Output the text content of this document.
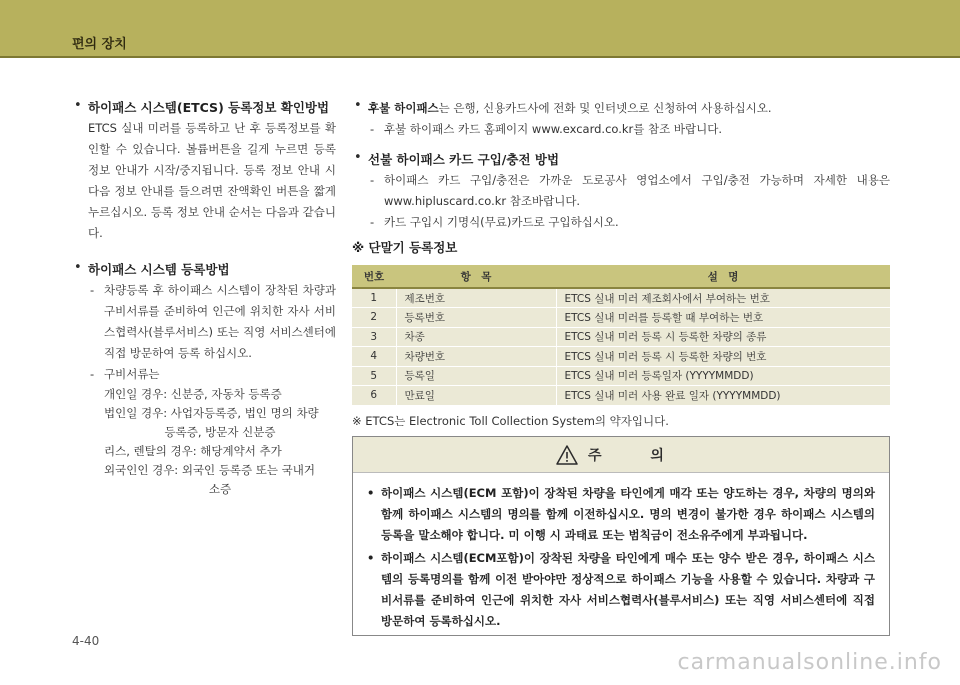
편의 장치
• 하이패스 시스템(ETCS) 등록정보 확인방법
ETCS 실내 미러를 등록하고 난 후 등록정보를 확인할 수 있습니다. 볼륨버튼을 길게 누르면 등록 정보 안내가 시작/중지됩니다. 등록 정보 안내 시 다음 정보 안내를 들으려면 잔액확인 버튼을 짧게 누르십시오. 등록 정보 안내 순서는 다음과 같습니다.
• 하이패스 시스템 등록방법
- 차량등록 후 하이패스 시스템이 장착된 차량과 구비서류를 준비하여 인근에 위치한 자사 서비스협력사(블루서비스) 또는 직영 서비스센터에 직접 방문하여 등록 하십시오.
- 구비서류는
개인일 경우: 신분증, 자동차 등록증
법인일 경우: 사업자등록증, 법인 명의 차량
등록증, 방문자 신분증
리스, 렌탈의 경우: 해당계약서 추가
외국인인 경우: 외국인 등록증 또는 국내거
소증
• 후불 하이패스는 은행, 신용카드사에 전화 및 인터넷으로 신청하여 사용하십시오.
- 후불 하이패스 카드 홈페이지 www.excard.co.kr를 참조 바랍니다.
• 선불 하이패스 카드 구입/충전 방법
- 하이패스 카드 구입/충전은 가까운 도로공사 영업소에서 구입/충전 가능하며 자세한 내용은 www.hipluscard.co.kr 참조바랍니다.
- 카드 구입시 기명식(무료)카드로 구입하십시오.
※ 단말기 등록정보
번호	항　목	설　명
1	제조번호	ETCS 실내 미러 제조회사에서 부여하는 번호
2	등록번호	ETCS 실내 미러를 등록할 때 부여하는 번호
3	차종	ETCS 실내 미러 등록 시 등록한 차량의 종류
4	차량번호	ETCS 실내 미러 등록 시 등록한 차량의 번호
5	등록일	ETCS 실내 미러 등록일자 (YYYYMMDD)
6	만료일	ETCS 실내 미러 사용 완료 일자 (YYYYMMDD)
※ ETCS는 Electronic Toll Collection System의 약자입니다.
주 의
• 하이패스 시스템(ECM 포함)이 장착된 차량을 타인에게 매각 또는 양도하는 경우, 차량의 명의와 함께 하이패스 시스템의 명의를 함께 이전하십시오. 명의 변경이 불가한 경우 하이패스 시스템의 등록을 말소해야 합니다. 미 이행 시 과태료 또는 범칙금이 전소유주에게 부과됩니다.
• 하이패스 시스템(ECM포함)이 장착된 차량을 타인에게 매수 또는 양수 받은 경우, 하이패스 시스템의 등록명의를 함께 이전 받아야만 정상적으로 하이패스 기능을 사용할 수 있습니다. 차량과 구비서류를 준비하여 인근에 위치한 자사 서비스협력사(블루서비스) 또는 직영 서비스센터에 직접 방문하여 등록하십시오.
4-40
carmanualsonline.info
